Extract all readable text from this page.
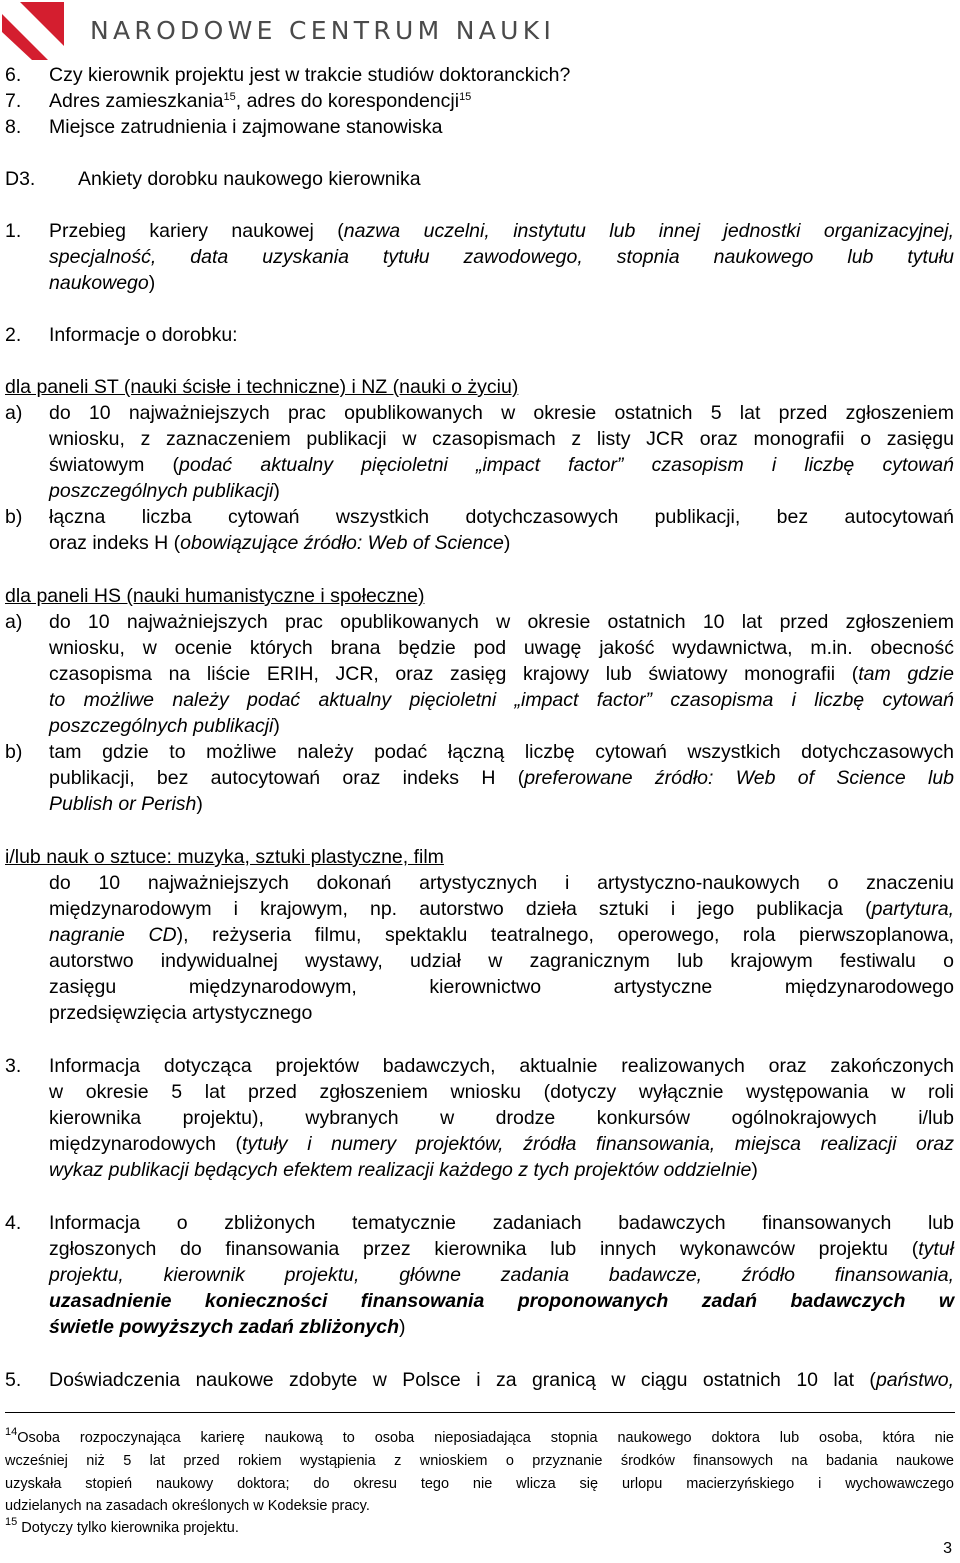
NARODOWE CENTRUM NAUKI
6. Czy kierownik projektu jest w trakcie studiów doktoranckich?
7. Adres zamieszkania$^{15}$, adres do korespondencji$^{15}$
8. Miejsce zatrudnienia i zajmowane stanowiska
D3. Ankiety dorobku naukowego kierownika
1. Przebieg kariery naukowej (nazwa uczelni, instytutu lub innej jednostki organizacyjnej,
specjalność, data uzyskania tytułu zawodowego, stopnia naukowego lub tytułu
naukowego)
2. Informacje o dorobku:
dla paneli ST (nauki ścisłe i techniczne) i NZ (nauki o życiu)
a) do 10 najważniejszych prac opublikowanych w okresie ostatnich 5 lat przed zgłoszeniem
wniosku, z zaznaczeniem publikacji w czasopismach z listy JCR oraz monografii o zasięgu
światowym (podać aktualny pięcioletni „impact factor” czasopism i liczbę cytowań
poszczególnych publikacji)
b) łączna liczba cytowań wszystkich dotychczasowych publikacji, bez autocytowań
oraz indeks H (obowiązujące źródło: Web of Science)
dla paneli HS (nauki humanistyczne i społeczne)
a) do 10 najważniejszych prac opublikowanych w okresie ostatnich 10 lat przed zgłoszeniem
wniosku, w ocenie których brana będzie pod uwagę jakość wydawnictwa, m.in. obecność
czasopisma na liście ERIH, JCR, oraz zasięg krajowy lub światowy monografii (tam gdzie
to możliwe należy podać aktualny pięcioletni „impact factor” czasopisma i liczbę cytowań
poszczególnych publikacji)
b) tam gdzie to możliwe należy podać łączną liczbę cytowań wszystkich dotychczasowych
publikacji, bez autocytowań oraz indeks H (preferowane źródło: Web of Science lub
Publish or Perish)
i/lub nauk o sztuce: muzyka, sztuki plastyczne, film
do 10 najważniejszych dokonań artystycznych i artystyczno-naukowych o znaczeniu
międzynarodowym i krajowym, np. autorstwo dzieła sztuki i jego publikacja (partytura,
nagranie CD), reżyseria filmu, spektaklu teatralnego, operowego, rola pierwszoplanowa,
autorstwo indywidualnej wystawy, udział w zagranicznym lub krajowym festiwalu o
zasięgu międzynarodowym, kierownictwo artystyczne międzynarodowego
przedsięwzięcia artystycznego
3. Informacja dotycząca projektów badawczych, aktualnie realizowanych oraz zakończonych
w okresie 5 lat przed zgłoszeniem wniosku (dotyczy wyłącznie występowania w roli
kierownika projektu), wybranych w drodze konkursów ogólnokrajowych i/lub
międzynarodowych (tytuły i numery projektów, źródła finansowania, miejsca realizacji oraz
wykaz publikacji będących efektem realizacji każdego z tych projektów oddzielnie)
4. Informacja o zbliżonych tematycznie zadaniach badawczych finansowanych lub
zgłoszonych do finansowania przez kierownika lub innych wykonawców projektu (tytuł
projektu, kierownik projektu, główne zadania badawcze, źródło finansowania,
uzasadnienie konieczności finansowania proponowanych zadań badawczych w
świetle powyższych zadań zbliżonych)
5. Doświadczenia naukowe zdobyte w Polsce i za granicą w ciągu ostatnich 10 lat (państwo,
$^{14}$Osoba rozpoczynająca karierę naukową to osoba nieposiadająca stopnia naukowego doktora lub osoba, która nie
wcześniej niż 5 lat przed rokiem wystąpienia z wnioskiem o przyznanie środków finansowych na badania naukowe
uzyskała stopień naukowy doktora; do okresu tego nie wlicza się urlopu macierzyńskiego i wychowawczego
udzielanych na zasadach określonych w Kodeksie pracy.
$^{15}$ Dotyczy tylko kierownika projektu.
3
